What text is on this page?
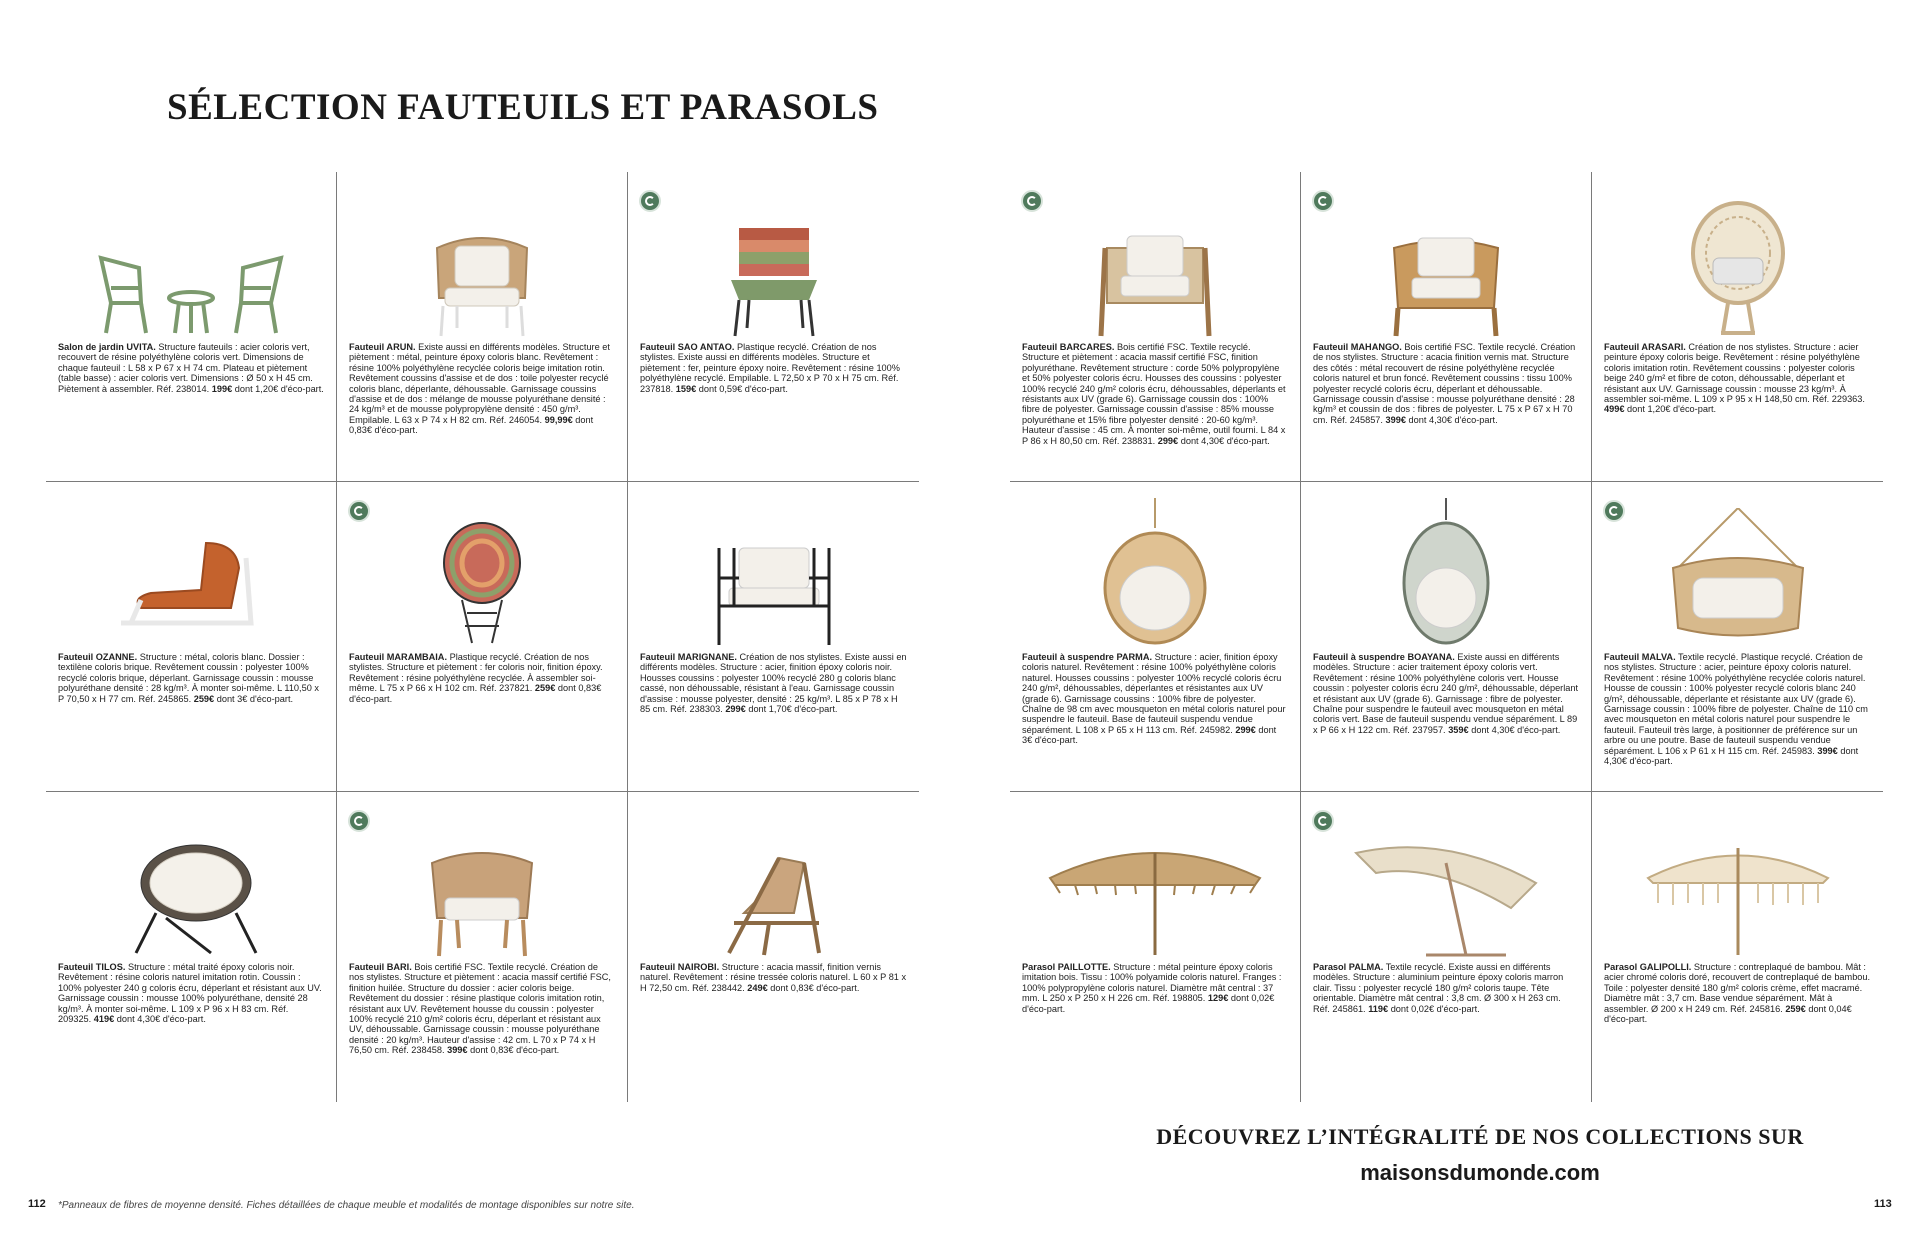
SÉLECTION FAUTEUILS ET PARASOLS
Salon de jardin UVITA. Structure fauteuils : acier coloris vert, recouvert de résine polyéthylène coloris vert. Dimensions de chaque fauteuil : L 58 x P 67 x H 74 cm. Plateau et piètement (table basse) : acier coloris vert. Dimensions : Ø 50 x H 45 cm. Piètement à assembler. Réf. 238014. 199€ dont 1,20€ d'éco-part.
Fauteuil ARUN. Existe aussi en différents modèles. Structure et piètement : métal, peinture époxy coloris blanc. Revêtement : résine 100% polyéthylène recyclée coloris beige imitation rotin. Revêtement coussins d'assise et de dos : toile polyester recyclé coloris blanc, déperlante, déhoussable. Garnissage coussins d'assise et de dos : mélange de mousse polyuréthane densité : 24 kg/m³ et de mousse polypropylène densité : 450 g/m³. Empilable. L 63 x P 74 x H 82 cm. Réf. 246054. 99,99€ dont 0,83€ d'éco-part.
Fauteuil SAO ANTAO. Plastique recyclé. Création de nos stylistes. Existe aussi en différents modèles. Structure et piètement : fer, peinture époxy noire. Revêtement : résine 100% polyéthylène recyclé. Empilable. L 72,50 x P 70 x H 75 cm. Réf. 237818. 159€ dont 0,59€ d'éco-part.
Fauteuil OZANNE. Structure : métal, coloris blanc. Dossier : textilène coloris brique. Revêtement coussin : polyester 100% recyclé coloris brique, déperlant. Garnissage coussin : mousse polyuréthane densité : 28 kg/m³. À monter soi-même. L 110,50 x P 70,50 x H 77 cm. Réf. 245865. 259€ dont 3€ d'éco-part.
Fauteuil MARAMBAIA. Plastique recyclé. Création de nos stylistes. Structure et piètement : fer coloris noir, finition époxy. Revêtement : résine polyéthylène recyclée. À assembler soi-même. L 75 x P 66 x H 102 cm. Réf. 237821. 259€ dont 0,83€ d'éco-part.
Fauteuil MARIGNANE. Création de nos stylistes. Existe aussi en différents modèles. Structure : acier, finition époxy coloris noir. Housses coussins : polyester 100% recyclé 280 g coloris blanc cassé, non déhoussable, résistant à l'eau. Garnissage coussin d'assise : mousse polyester, densité : 25 kg/m³. L 85 x P 78 x H 85 cm. Réf. 238303. 299€ dont 1,70€ d'éco-part.
Fauteuil TILOS. Structure : métal traité époxy coloris noir. Revêtement : résine coloris naturel imitation rotin. Coussin : 100% polyester 240 g coloris écru, déperlant et résistant aux UV. Garnissage coussin : mousse 100% polyuréthane, densité 28 kg/m³. À monter soi-même. L 109 x P 96 x H 83 cm. Réf. 209325. 419€ dont 4,30€ d'éco-part.
Fauteuil BARI. Bois certifié FSC. Textile recyclé. Création de nos stylistes. Structure et piètement : acacia massif certifié FSC, finition huilée. Structure du dossier : acier coloris beige. Revêtement du dossier : résine plastique coloris imitation rotin, résistant aux UV. Revêtement housse du coussin : polyester 100% recyclé 210 g/m² coloris écru, déperlant et résistant aux UV, déhoussable. Garnissage coussin : mousse polyuréthane densité : 20 kg/m³. Hauteur d'assise : 42 cm. L 70 x P 74 x H 76,50 cm. Réf. 238458. 399€ dont 0,83€ d'éco-part.
Fauteuil NAIROBI. Structure : acacia massif, finition vernis naturel. Revêtement : résine tressée coloris naturel. L 60 x P 81 x H 72,50 cm. Réf. 238442. 249€ dont 0,83€ d'éco-part.
Fauteuil BARCARES. Bois certifié FSC. Textile recyclé. Structure et piètement : acacia massif certifié FSC, finition polyuréthane. Revêtement structure : corde 50% polypropylène et 50% polyester coloris écru. Housses des coussins : polyester 100% recyclé 240 g/m² coloris écru, déhoussables, déperlants et résistants aux UV (grade 6). Garnissage coussin dos : 100% fibre de polyester. Garnissage coussin d'assise : 85% mousse polyuréthane et 15% fibre polyester densité : 20-60 kg/m³. Hauteur d'assise : 45 cm. À monter soi-même, outil fourni. L 84 x P 86 x H 80,50 cm. Réf. 238831. 299€ dont 4,30€ d'éco-part.
Fauteuil MAHANGO. Bois certifié FSC. Textile recyclé. Création de nos stylistes. Structure : acacia finition vernis mat. Structure des côtés : métal recouvert de résine polyéthylène recyclée coloris naturel et brun foncé. Revêtement coussins : tissu 100% polyester recyclé coloris écru, déperlant et déhoussable. Garnissage coussin d'assise : mousse polyuréthane densité : 28 kg/m³ et coussin de dos : fibres de polyester. L 75 x P 67 x H 70 cm. Réf. 245857. 399€ dont 4,30€ d'éco-part.
Fauteuil ARASARI. Création de nos stylistes. Structure : acier peinture époxy coloris beige. Revêtement : résine polyéthylène coloris imitation rotin. Revêtement coussins : polyester coloris beige 240 g/m² et fibre de coton, déhoussable, déperlant et résistant aux UV. Garnissage coussin : mousse 23 kg/m³. À assembler soi-même. L 109 x P 95 x H 148,50 cm. Réf. 229363. 499€ dont 1,20€ d'éco-part.
Fauteuil à suspendre PARMA. Structure : acier, finition époxy coloris naturel. Revêtement : résine 100% polyéthylène coloris naturel. Housses coussins : polyester 100% recyclé coloris écru 240 g/m², déhoussables, déperlantes et résistantes aux UV (grade 6). Garnissage coussins : 100% fibre de polyester. Chaîne de 98 cm avec mousqueton en métal coloris naturel pour suspendre le fauteuil. Base de fauteuil suspendu vendue séparément. L 108 x P 65 x H 113 cm. Réf. 245982. 299€ dont 3€ d'éco-part.
Fauteuil à suspendre BOAYANA. Existe aussi en différents modèles. Structure : acier traitement époxy coloris vert. Revêtement : résine 100% polyéthylène coloris vert. Housse coussin : polyester coloris écru 240 g/m², déhoussable, déperlant et résistant aux UV (grade 6). Garnissage : fibre de polyester. Chaîne pour suspendre le fauteuil avec mousqueton en métal coloris vert. Base de fauteuil suspendu vendue séparément. L 89 x P 66 x H 122 cm. Réf. 237957. 359€ dont 4,30€ d'éco-part.
Fauteuil MALVA. Textile recyclé. Plastique recyclé. Création de nos stylistes. Structure : acier, peinture époxy coloris naturel. Revêtement : résine 100% polyéthylène recyclée coloris naturel. Housse de coussin : 100% polyester recyclé coloris blanc 240 g/m², déhoussable, déperlante et résistante aux UV (grade 6). Garnissage coussin : 100% fibre de polyester. Chaîne de 110 cm avec mousqueton en métal coloris naturel pour suspendre le fauteuil. Fauteuil très large, à positionner de préférence sur un arbre ou une poutre. Base de fauteuil suspendu vendue séparément. L 106 x P 61 x H 115 cm. Réf. 245983. 399€ dont 4,30€ d'éco-part.
Parasol PAILLOTTE. Structure : métal peinture époxy coloris imitation bois. Tissu : 100% polyamide coloris naturel. Franges : 100% polypropylène coloris naturel. Diamètre mât central : 37 mm. L 250 x P 250 x H 226 cm. Réf. 198805. 129€ dont 0,02€ d'éco-part.
Parasol PALMA. Textile recyclé. Existe aussi en différents modèles. Structure : aluminium peinture époxy coloris marron clair. Tissu : polyester recyclé 180 g/m² coloris taupe. Tête orientable. Diamètre mât central : 3,8 cm. Ø 300 x H 263 cm. Réf. 245861. 119€ dont 0,02€ d'éco-part.
Parasol GALIPOLLI. Structure : contreplaqué de bambou. Mât : acier chromé coloris doré, recouvert de contreplaqué de bambou. Toile : polyester densité 180 g/m² coloris crème, effet macramé. Diamètre mât : 3,7 cm. Base vendue séparément. Mât à assembler. Ø 200 x H 249 cm. Réf. 245816. 259€ dont 0,04€ d'éco-part.
DÉCOUVREZ L’INTÉGRALITÉ DE NOS COLLECTIONS SUR
maisonsdumonde.com
112 *Panneaux de fibres de moyenne densité. Fiches détaillées de chaque meuble et modalités de montage disponibles sur notre site.	113
